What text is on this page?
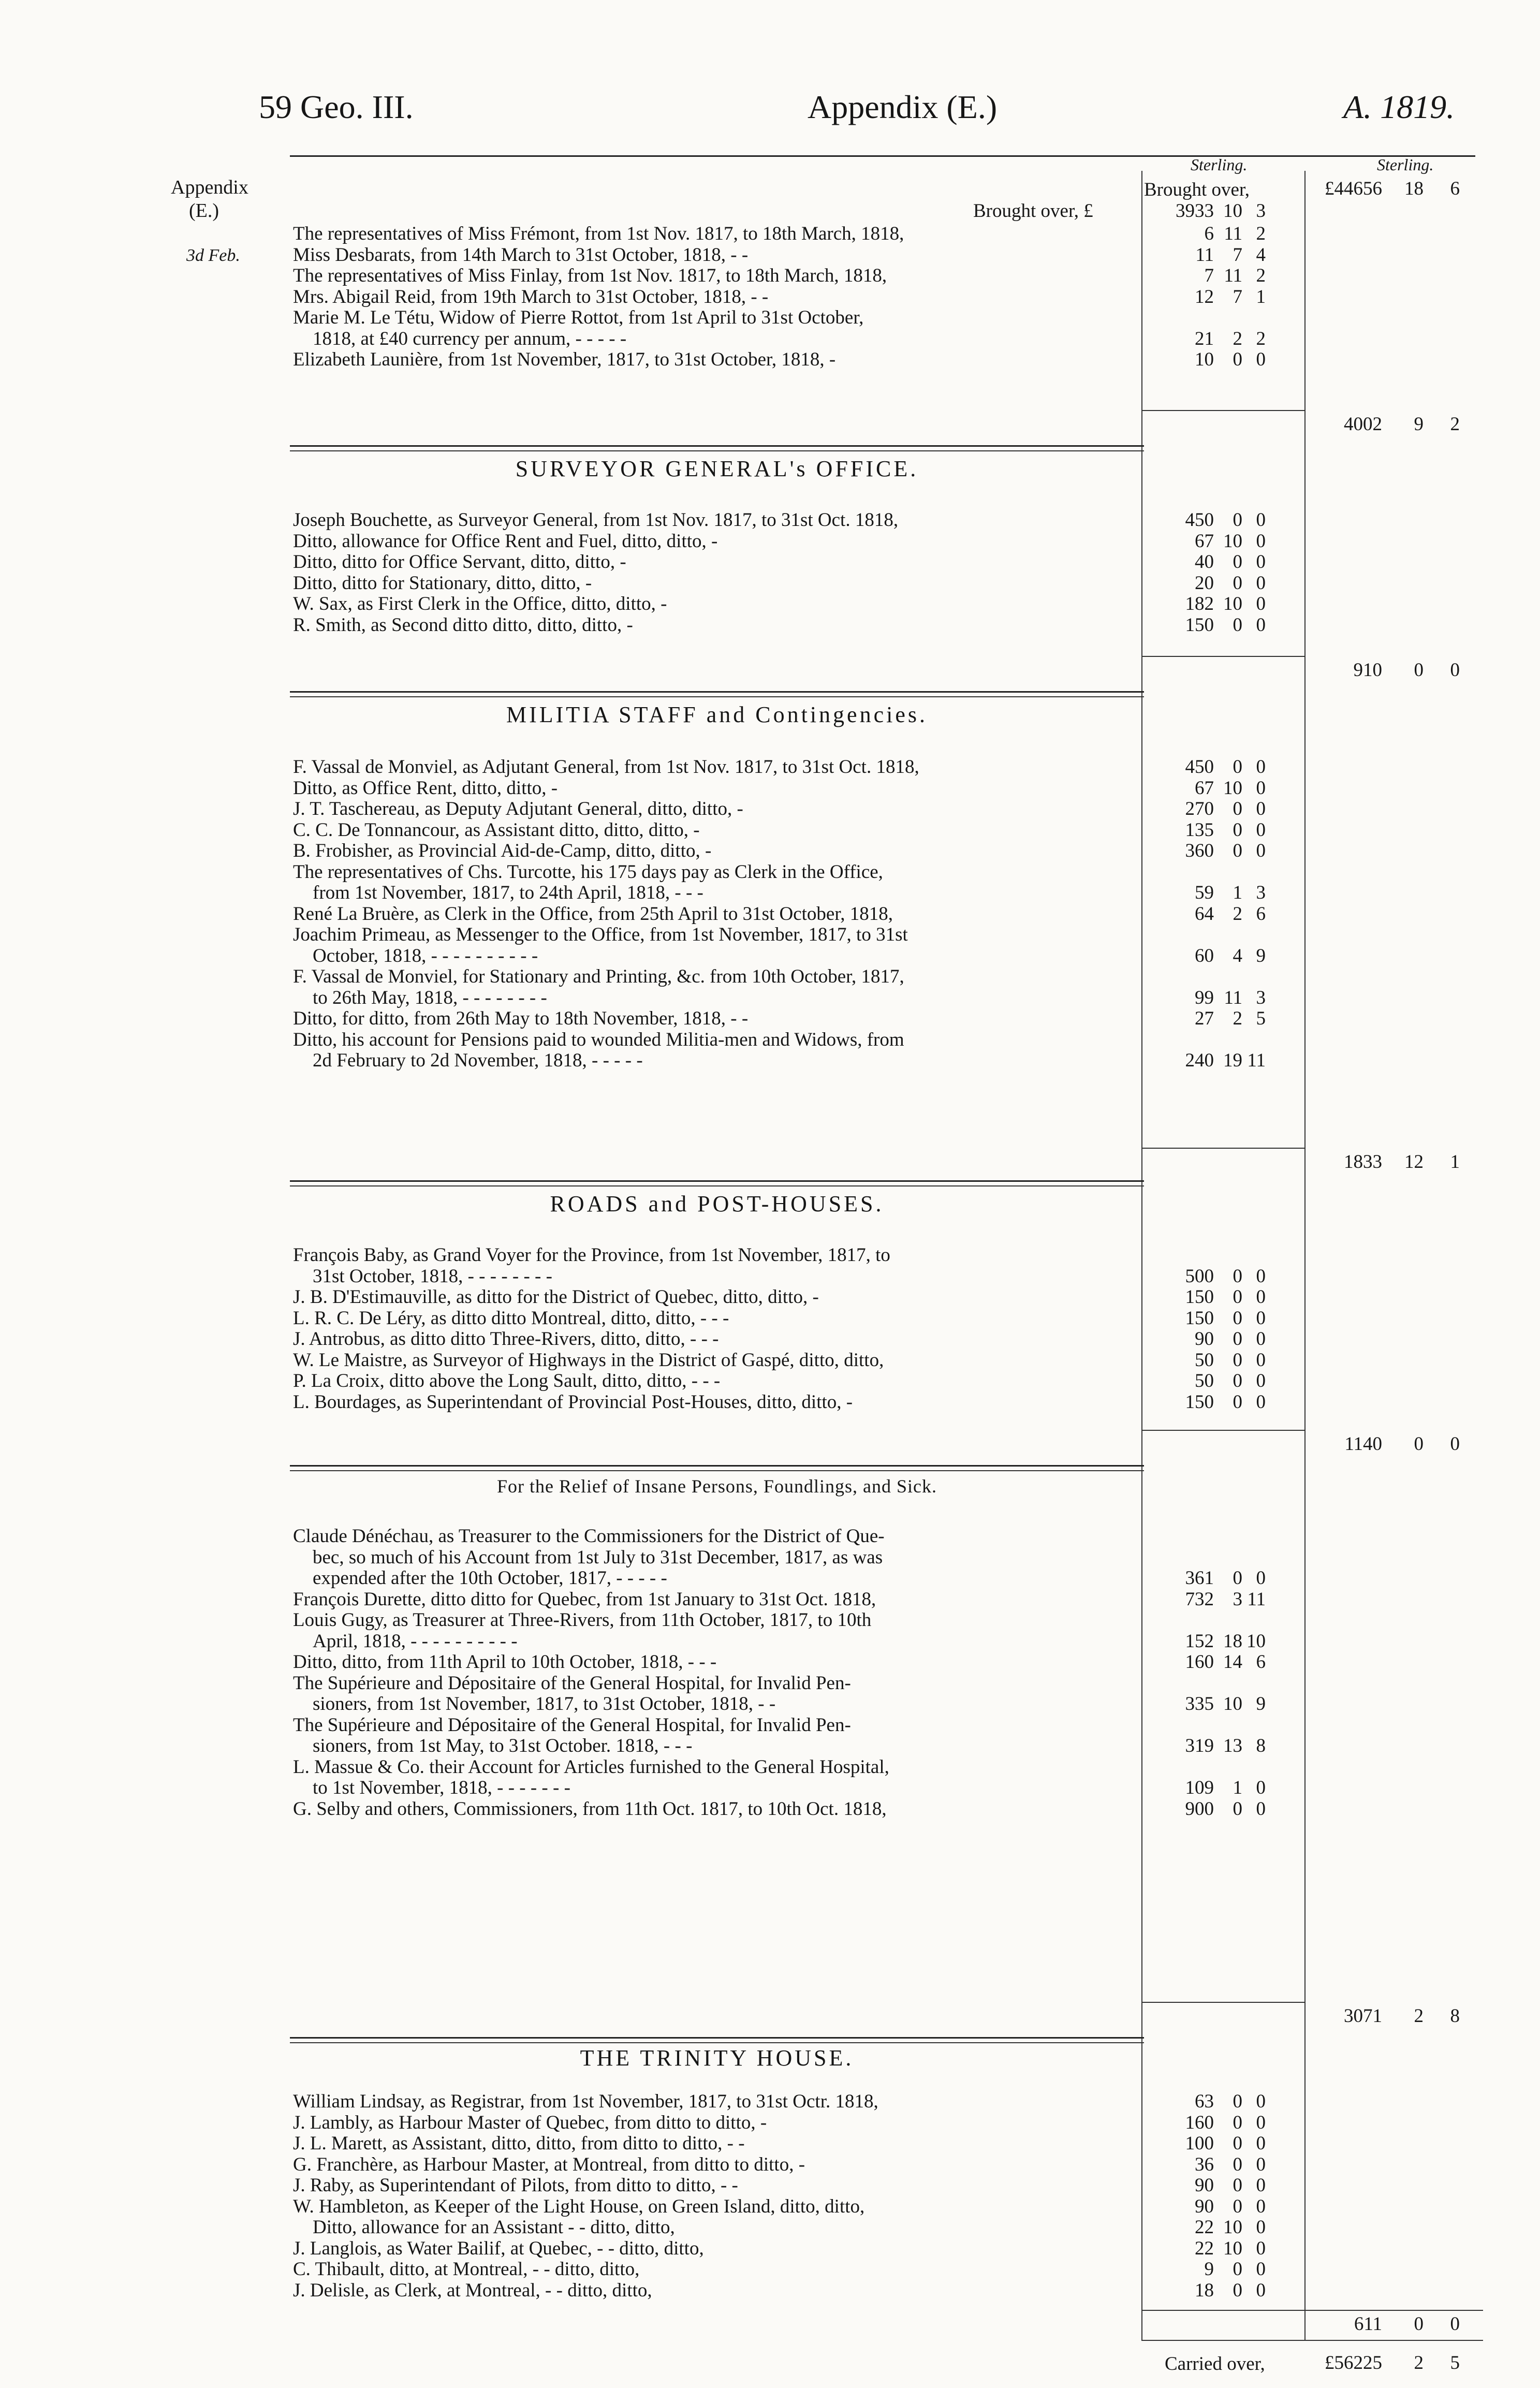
59 Geo. III.	Appendix (E.)	A. 1819.
Appendix
(E.)
3d Feb.
Sterling.	Sterling.
Brought over,	£44656 18 6
Brought over, £	3933 10 3
The representatives of Miss Frémont, from 1st Nov. 1817, to 18th March, 1818,	6 11 2
Miss Desbarats, from 14th March to 31st October, 1818, - -	11 7 4
The representatives of Miss Finlay, from 1st Nov. 1817, to 18th March, 1818,	7 11 2
Mrs. Abigail Reid, from 19th March to 31st October, 1818, - -	12 7 1
Marie M. Le Tétu, Widow of Pierre Rottot, from 1st April to 31st October,
1818, at £40 currency per annum, - - - - -	21 2 2
Elizabeth Launière, from 1st November, 1817, to 31st October, 1818, -	10 0 0
4002 9 2
SURVEYOR GENERAL's OFFICE.
Joseph Bouchette, as Surveyor General, from 1st Nov. 1817, to 31st Oct. 1818,	450 0 0
Ditto, allowance for Office Rent and Fuel, ditto, ditto, -	67 10 0
Ditto, ditto for Office Servant, ditto, ditto, -	40 0 0
Ditto, ditto for Stationary, ditto, ditto, -	20 0 0
W. Sax, as First Clerk in the Office, ditto, ditto, -	182 10 0
R. Smith, as Second ditto ditto, ditto, ditto, -	150 0 0
910 0 0
MILITIA STAFF and Contingencies.
F. Vassal de Monviel, as Adjutant General, from 1st Nov. 1817, to 31st Oct. 1818,	450 0 0
Ditto, as Office Rent, ditto, ditto, -	67 10 0
J. T. Taschereau, as Deputy Adjutant General, ditto, ditto, -	270 0 0
C. C. De Tonnancour, as Assistant ditto, ditto, ditto, -	135 0 0
B. Frobisher, as Provincial Aid-de-Camp, ditto, ditto, -	360 0 0
The representatives of Chs. Turcotte, his 175 days pay as Clerk in the Office,
from 1st November, 1817, to 24th April, 1818, - - -	59 1 3
René La Bruère, as Clerk in the Office, from 25th April to 31st October, 1818,	64 2 6
Joachim Primeau, as Messenger to the Office, from 1st November, 1817, to 31st
October, 1818, - - - - - - - - - -	60 4 9
F. Vassal de Monviel, for Stationary and Printing, &c. from 10th October, 1817,
to 26th May, 1818, - - - - - - - -	99 11 3
Ditto, for ditto, from 26th May to 18th November, 1818, - -	27 2 5
Ditto, his account for Pensions paid to wounded Militia-men and Widows, from
2d February to 2d November, 1818, - - - - -	240 19 11
1833 12 1
ROADS and POST-HOUSES.
François Baby, as Grand Voyer for the Province, from 1st November, 1817, to
31st October, 1818, - - - - - - - -	500 0 0
J. B. D'Estimauville, as ditto for the District of Quebec, ditto, ditto, -	150 0 0
L. R. C. De Léry, as ditto ditto Montreal, ditto, ditto, - - -	150 0 0
J. Antrobus, as ditto ditto Three-Rivers, ditto, ditto, - - -	90 0 0
W. Le Maistre, as Surveyor of Highways in the District of Gaspé, ditto, ditto,	50 0 0
P. La Croix, ditto above the Long Sault, ditto, ditto, - - -	50 0 0
L. Bourdages, as Superintendant of Provincial Post-Houses, ditto, ditto, -	150 0 0
1140 0 0
For the Relief of Insane Persons, Foundlings, and Sick.
Claude Dénéchau, as Treasurer to the Commissioners for the District of Que-
bec, so much of his Account from 1st July to 31st December, 1817, as was
expended after the 10th October, 1817, - - - - -	361 0 0
François Durette, ditto ditto for Quebec, from 1st January to 31st Oct. 1818,	732 3 11
Louis Gugy, as Treasurer at Three-Rivers, from 11th October, 1817, to 10th
April, 1818, - - - - - - - - - -	152 18 10
Ditto, ditto, from 11th April to 10th October, 1818, - - -	160 14 6
The Supérieure and Dépositaire of the General Hospital, for Invalid Pen-
sioners, from 1st November, 1817, to 31st October, 1818, - -	335 10 9
The Supérieure and Dépositaire of the General Hospital, for Invalid Pen-
sioners, from 1st May, to 31st October. 1818, - - -	319 13 8
L. Massue & Co. their Account for Articles furnished to the General Hospital,
to 1st November, 1818, - - - - - - -	109 1 0
G. Selby and others, Commissioners, from 11th Oct. 1817, to 10th Oct. 1818,	900 0 0
3071 2 8
THE TRINITY HOUSE.
William Lindsay, as Registrar, from 1st November, 1817, to 31st Octr. 1818,	63 0 0
J. Lambly, as Harbour Master of Quebec, from ditto to ditto, -	160 0 0
J. L. Marett, as Assistant, ditto, ditto, from ditto to ditto, - -	100 0 0
G. Franchère, as Harbour Master, at Montreal, from ditto to ditto, -	36 0 0
J. Raby, as Superintendant of Pilots, from ditto to ditto, - -	90 0 0
W. Hambleton, as Keeper of the Light House, on Green Island, ditto, ditto,	90 0 0
Ditto, allowance for an Assistant - - ditto, ditto,	22 10 0
J. Langlois, as Water Bailif, at Quebec, - - ditto, ditto,	22 10 0
C. Thibault, ditto, at Montreal, - - ditto, ditto,	9 0 0
J. Delisle, as Clerk, at Montreal, - - ditto, ditto,	18 0 0
611 0 0
Carried over,	£56225 2 5
